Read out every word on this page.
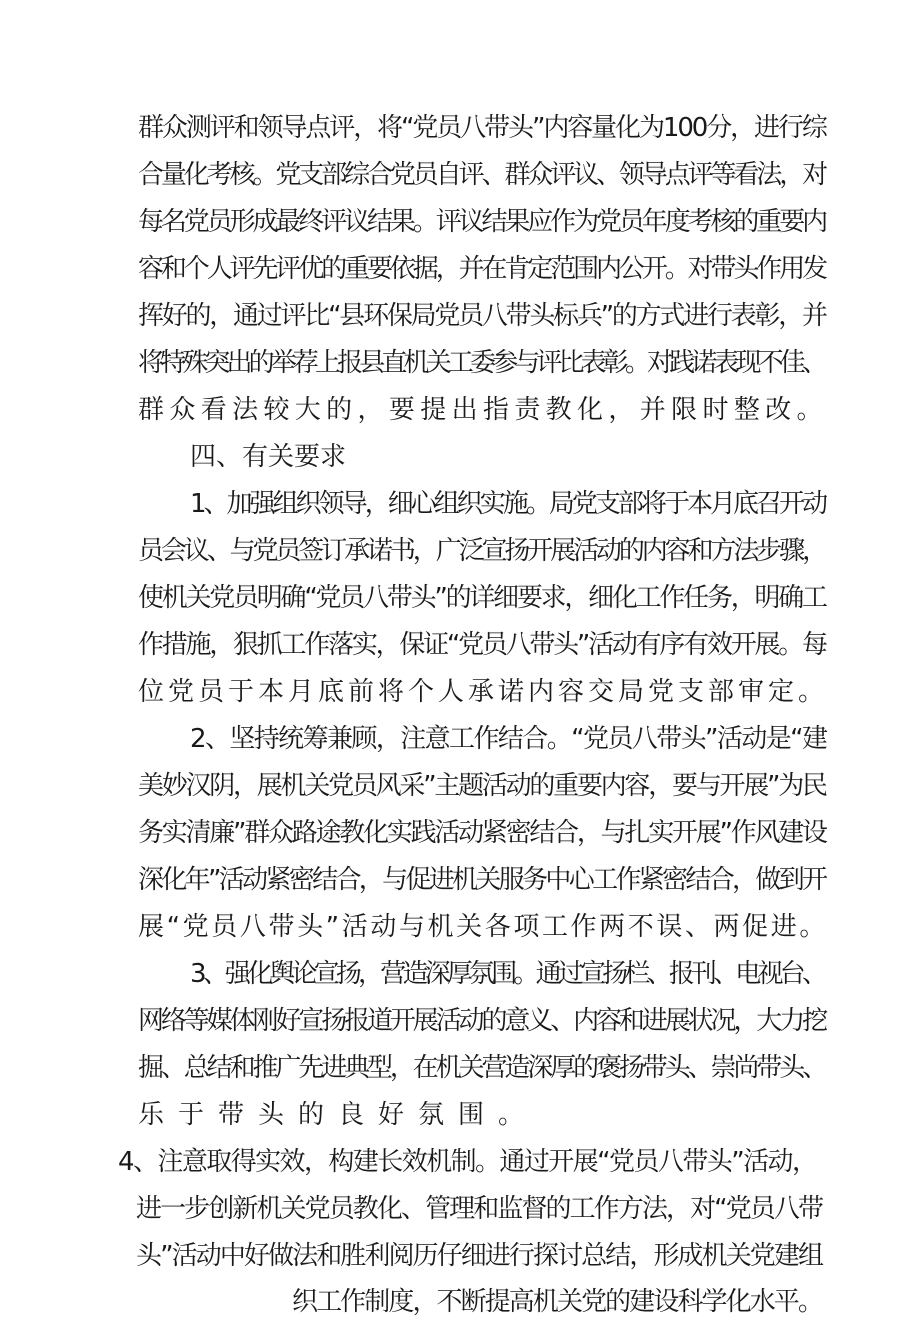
群众测评和领导点评，将“党员八带头”内容量化为100分，进行综

合量化考核。党支部综合党员自评、群众评议、领导点评等看法，对

每名党员形成最终评议结果。评议结果应作为党员年度考核的重要内

容和个人评先评优的重要依据，并在肯定范围内公开。对带头作用发

挥好的，通过评比“县环保局党员八带头标兵”的方式进行表彰，并

将特殊突出的举荐上报县直机关工委参与评比表彰。对践诺表现不佳、

群众看法较大的，要提出指责教化，并限时整改。

四、有关要求

1、加强组织领导，细心组织实施。局党支部将于本月底召开动

员会议、与党员签订承诺书，广泛宣扬开展活动的内容和方法步骤，

使机关党员明确“党员八带头”的详细要求，细化工作任务，明确工

作措施，狠抓工作落实，保证“党员八带头”活动有序有效开展。每

位党员于本月底前将个人承诺内容交局党支部审定。

2、坚持统筹兼顾，注意工作结合。“党员八带头”活动是“建

美妙汉阴，展机关党员风采”主题活动的重要内容，要与开展”为民

务实清廉”群众路途教化实践活动紧密结合，与扎实开展”作风建设

深化年”活动紧密结合，与促进机关服务中心工作紧密结合，做到开

展“党员八带头”活动与机关各项工作两不误、两促进。

3、强化舆论宣扬，营造深厚氛围。通过宣扬栏、报刊、电视台、

网络等媒体刚好宣扬报道开展活动的意义、内容和进展状况，大力挖

掘、总结和推广先进典型，在机关营造深厚的褒扬带头、崇尚带头、

乐于带头的良好氛围。

4、注意取得实效，构建长效机制。通过开展“党员八带头”活动，

进一步创新机关党员教化、管理和监督的工作方法，对“党员八带

头”活动中好做法和胜利阅历仔细进行探讨总结，形成机关党建组

织工作制度，不断提高机关党的建设科学化水平。
